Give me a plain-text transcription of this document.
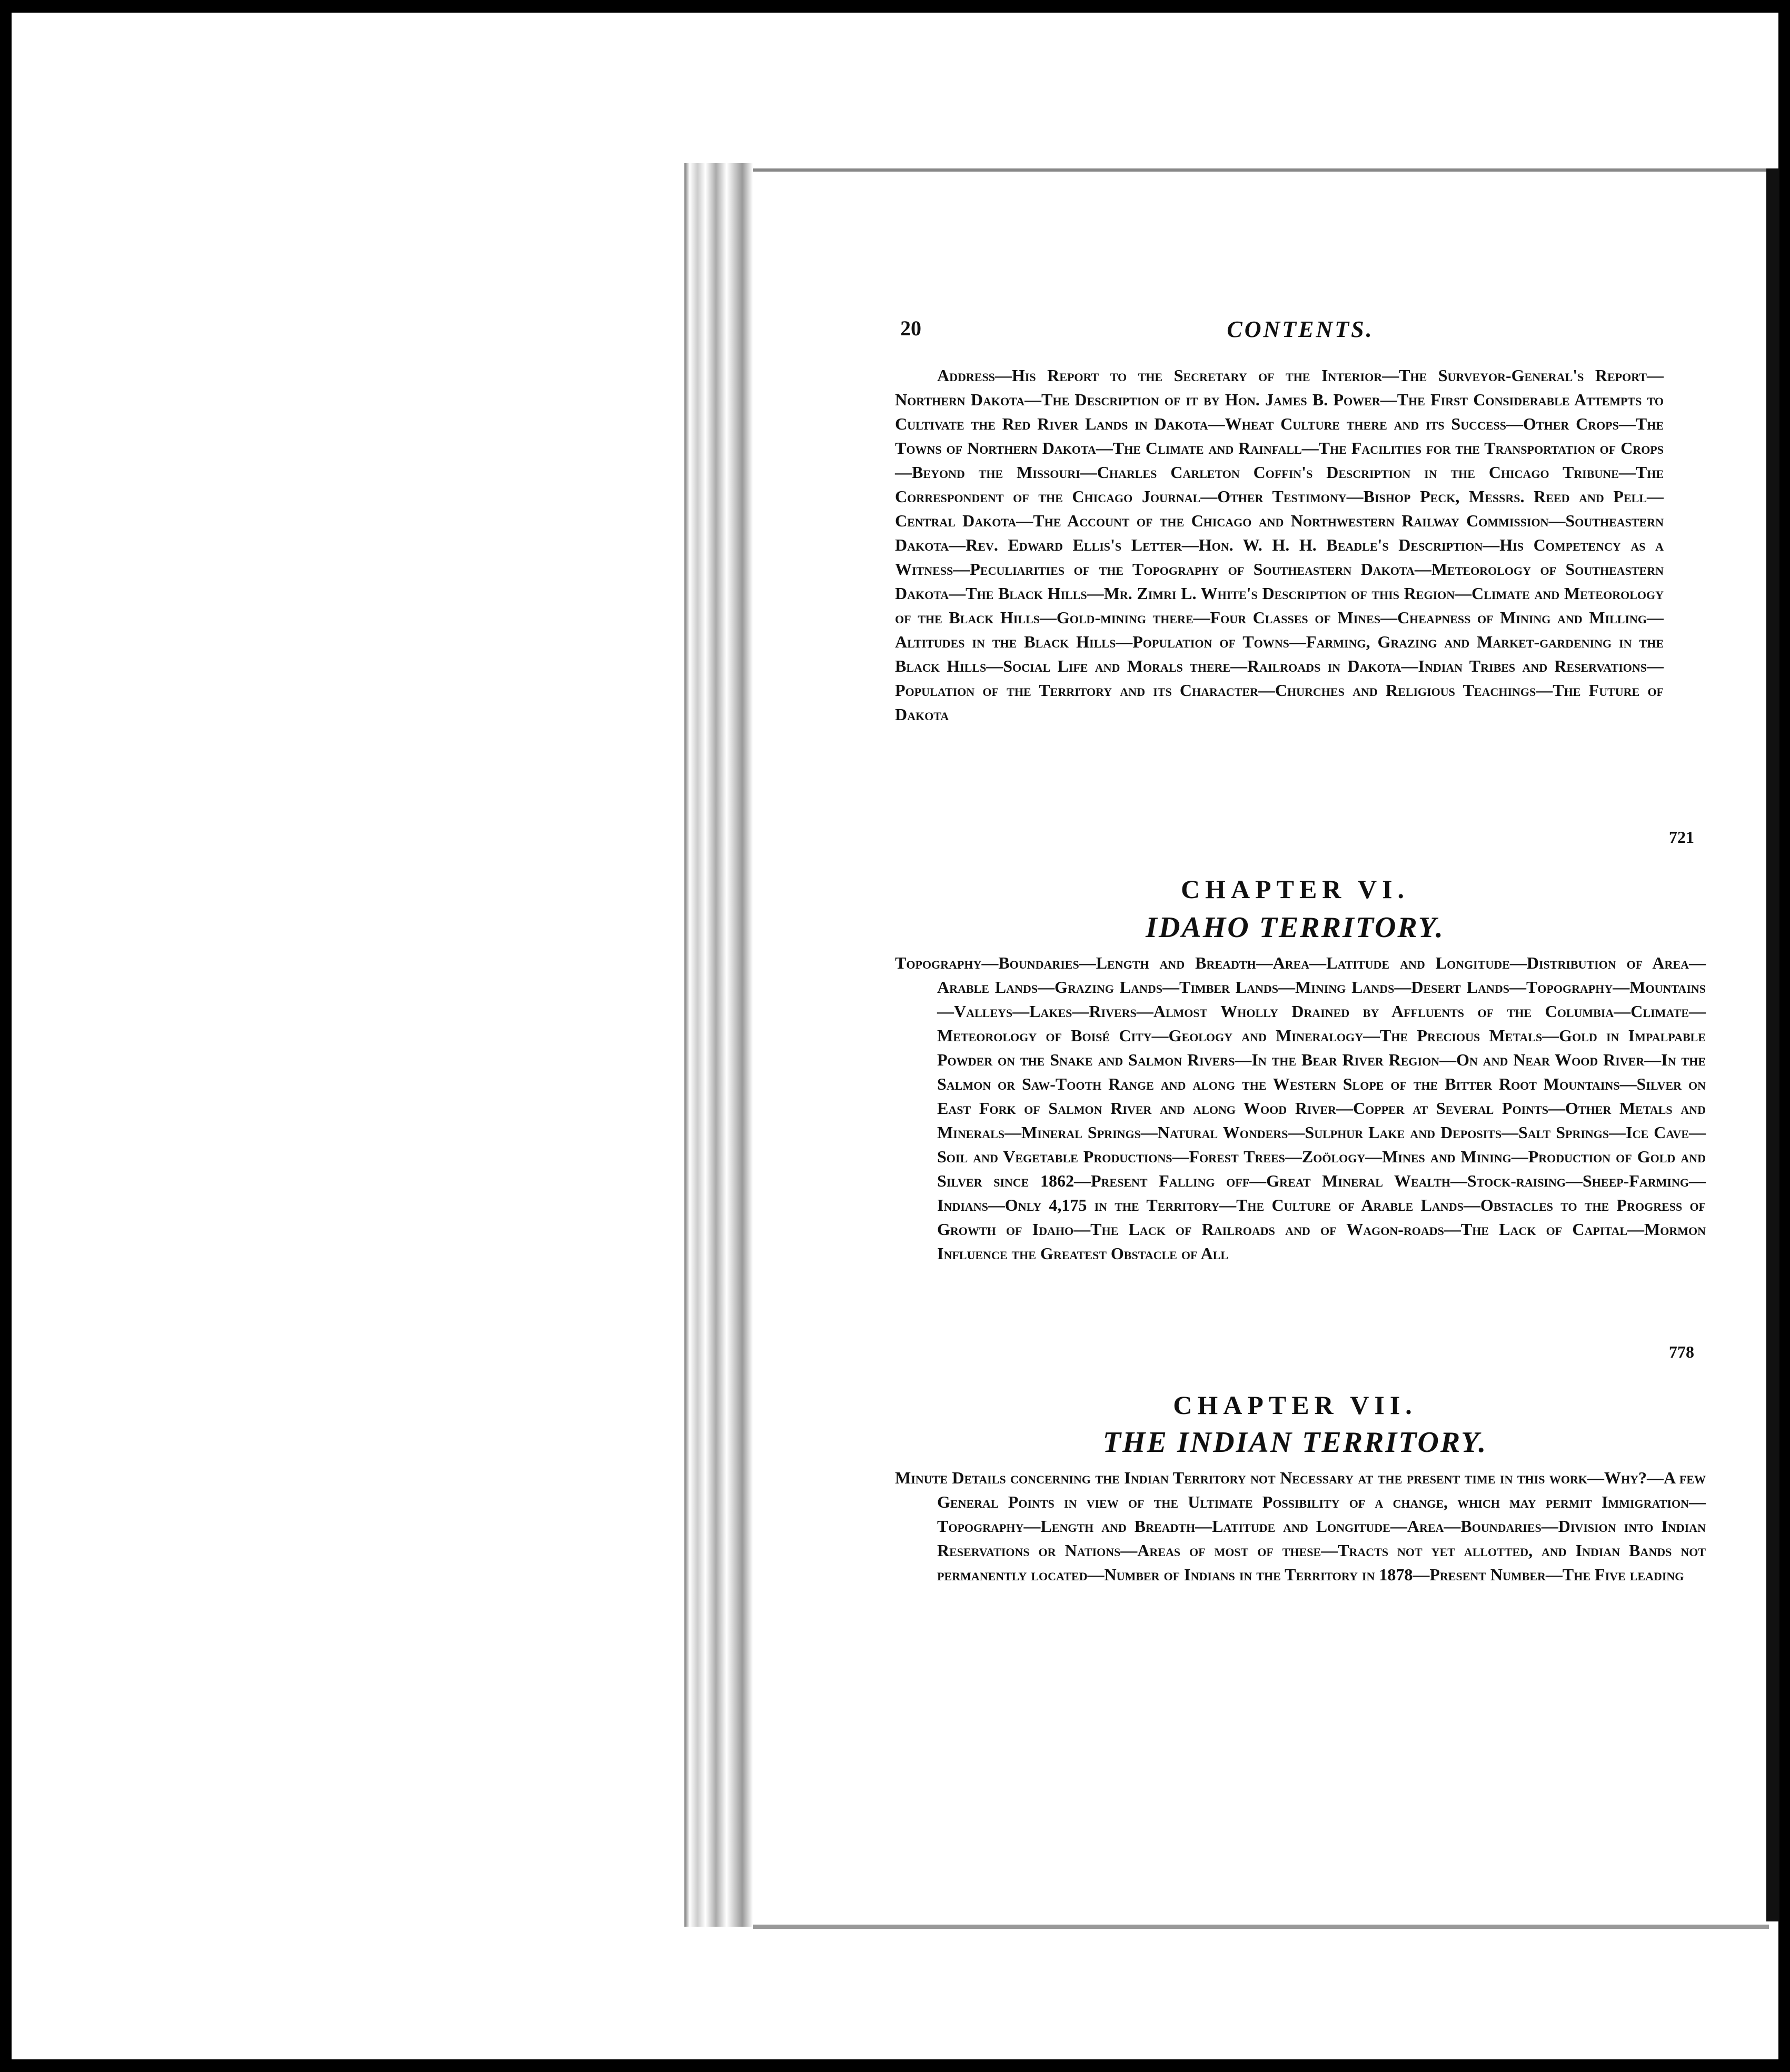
20	CONTENTS.
Address—His Report to the Secretary of the Interior—The Surveyor-General's Report—Northern Dakota—The Description of it by Hon. James B. Power—The First Considerable Attempts to Cultivate the Red River Lands in Dakota—Wheat Culture there and its Success—Other Crops—The Towns of Northern Dakota—The Climate and Rainfall—The Facilities for the Transportation of Crops—Beyond the Missouri—Charles Carleton Coffin's Description in the Chicago Tribune—The Correspondent of the Chicago Journal—Other Testimony—Bishop Peck, Messrs. Reed and Pell—Central Dakota—The Account of the Chicago and Northwestern Railway Commission—Southeastern Dakota—Rev. Edward Ellis's Letter—Hon. W. H. H. Beadle's Description—His Competency as a Witness—Peculiarities of the Topography of Southeastern Dakota—Meteorology of Southeastern Dakota—The Black Hills—Mr. Zimri L. White's Description of this Region—Climate and Meteorology of the Black Hills—Gold-mining there—Four Classes of Mines—Cheapness of Mining and Milling—Altitudes in the Black Hills—Population of Towns—Farming, Grazing and Market-gardening in the Black Hills—Social Life and Morals there—Railroads in Dakota—Indian Tribes and Reservations—Population of the Territory and its Character—Churches and Religious Teachings—The Future of Dakota
721
CHAPTER VI.
IDAHO TERRITORY.
Topography—Boundaries—Length and Breadth—Area—Latitude and Longitude—Distribution of Area—Arable Lands—Grazing Lands—Timber Lands—Mining Lands—Desert Lands—Topography—Mountains—Valleys—Lakes—Rivers—Almost Wholly Drained by Affluents of the Columbia—Climate—Meteorology of Boisé City—Geology and Mineralogy—The Precious Metals—Gold in Impalpable Powder on the Snake and Salmon Rivers—In the Bear River Region—On and Near Wood River—In the Salmon or Saw-Tooth Range and along the Western Slope of the Bitter Root Mountains—Silver on East Fork of Salmon River and along Wood River—Copper at Several Points—Other Metals and Minerals—Mineral Springs—Natural Wonders—Sulphur Lake and Deposits—Salt Springs—Ice Cave—Soil and Vegetable Productions—Forest Trees—Zoölogy—Mines and Mining—Production of Gold and Silver since 1862—Present Falling off—Great Mineral Wealth—Stock-raising—Sheep-Farming—Indians—Only 4,175 in the Territory—The Culture of Arable Lands—Obstacles to the Progress of Growth of Idaho—The Lack of Railroads and of Wagon-roads—The Lack of Capital—Mormon Influence the Greatest Obstacle of All
778
CHAPTER VII.
THE INDIAN TERRITORY.
Minute Details concerning the Indian Territory not Necessary at the present time in this work—Why?—A few General Points in view of the Ultimate Possibility of a change, which may permit Immigration—Topography—Length and Breadth—Latitude and Longitude—Area—Boundaries—Division into Indian Reservations or Nations—Areas of most of these—Tracts not yet allotted, and Indian Bands not permanently located—Number of Indians in the Territory in 1878—Present Number—The Five leading
